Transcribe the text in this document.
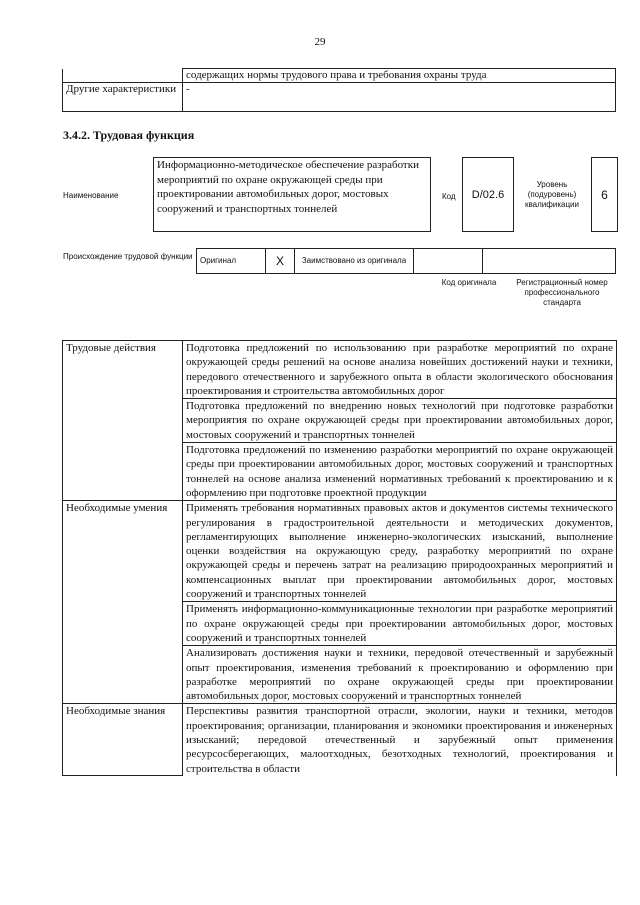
29
	содержащих нормы трудового права и требования охраны труда
Другие характеристики	-
3.4.2. Трудовая функция
Наименование
Информационно-методическое обеспечение разработки мероприятий по охране окружающей среды при проектировании автомобильных дорог, мостовых сооружений и транспортных тоннелей
Код	D/02.6
Уровень (подуровень) квалификации
6
Происхождение трудовой функции Оригинал	X	Заимствовано из оригинала		
Код оригинала	Регистрационный номер профессионального стандарта
Трудовые действия	Подготовка предложений по использованию при разработке мероприятий по охране окружающей среды решений на основе анализа новейших достижений науки и техники, передового отечественного и зарубежного опыта в области экологического обоснования проектирования и строительства автомобильных дорог
	Подготовка предложений по внедрению новых технологий при подготовке разработки мероприятия по охране окружающей среды при проектировании автомобильных дорог, мостовых сооружений и транспортных тоннелей
	Подготовка предложений по изменению разработки мероприятий по охране окружающей среды при проектировании автомобильных дорог, мостовых сооружений и транспортных тоннелей на основе анализа изменений нормативных требований к проектированию и к оформлению при подготовке проектной продукции
Необходимые умения	Применять требования нормативных правовых актов и документов системы технического регулирования в градостроительной деятельности и методических документов, регламентирующих выполнение инженерно-экологических изысканий, выполнение оценки воздействия на окружающую среду, разработку мероприятий по охране окружающей среды и перечень затрат на реализацию природоохранных мероприятий и компенсационных выплат при проектировании автомобильных дорог, мостовых сооружений и транспортных тоннелей
	Применять информационно-коммуникационные технологии при разработке мероприятий по охране окружающей среды при проектировании автомобильных дорог, мостовых сооружений и транспортных тоннелей
	Анализировать достижения науки и техники, передовой отечественный и зарубежный опыт проектирования, изменения требований к проектированию и оформлению при разработке мероприятий по охране окружающей среды при проектировании автомобильных дорог, мостовых сооружений и транспортных тоннелей
Необходимые знания	Перспективы развития транспортной отрасли, экологии, науки и техники, методов проектирования; организации, планирования и экономики проектирования и инженерных изысканий; передовой отечественный и зарубежный опыт применения ресурсосберегающих, малоотходных, безотходных технологий, проектирования и строительства в области
